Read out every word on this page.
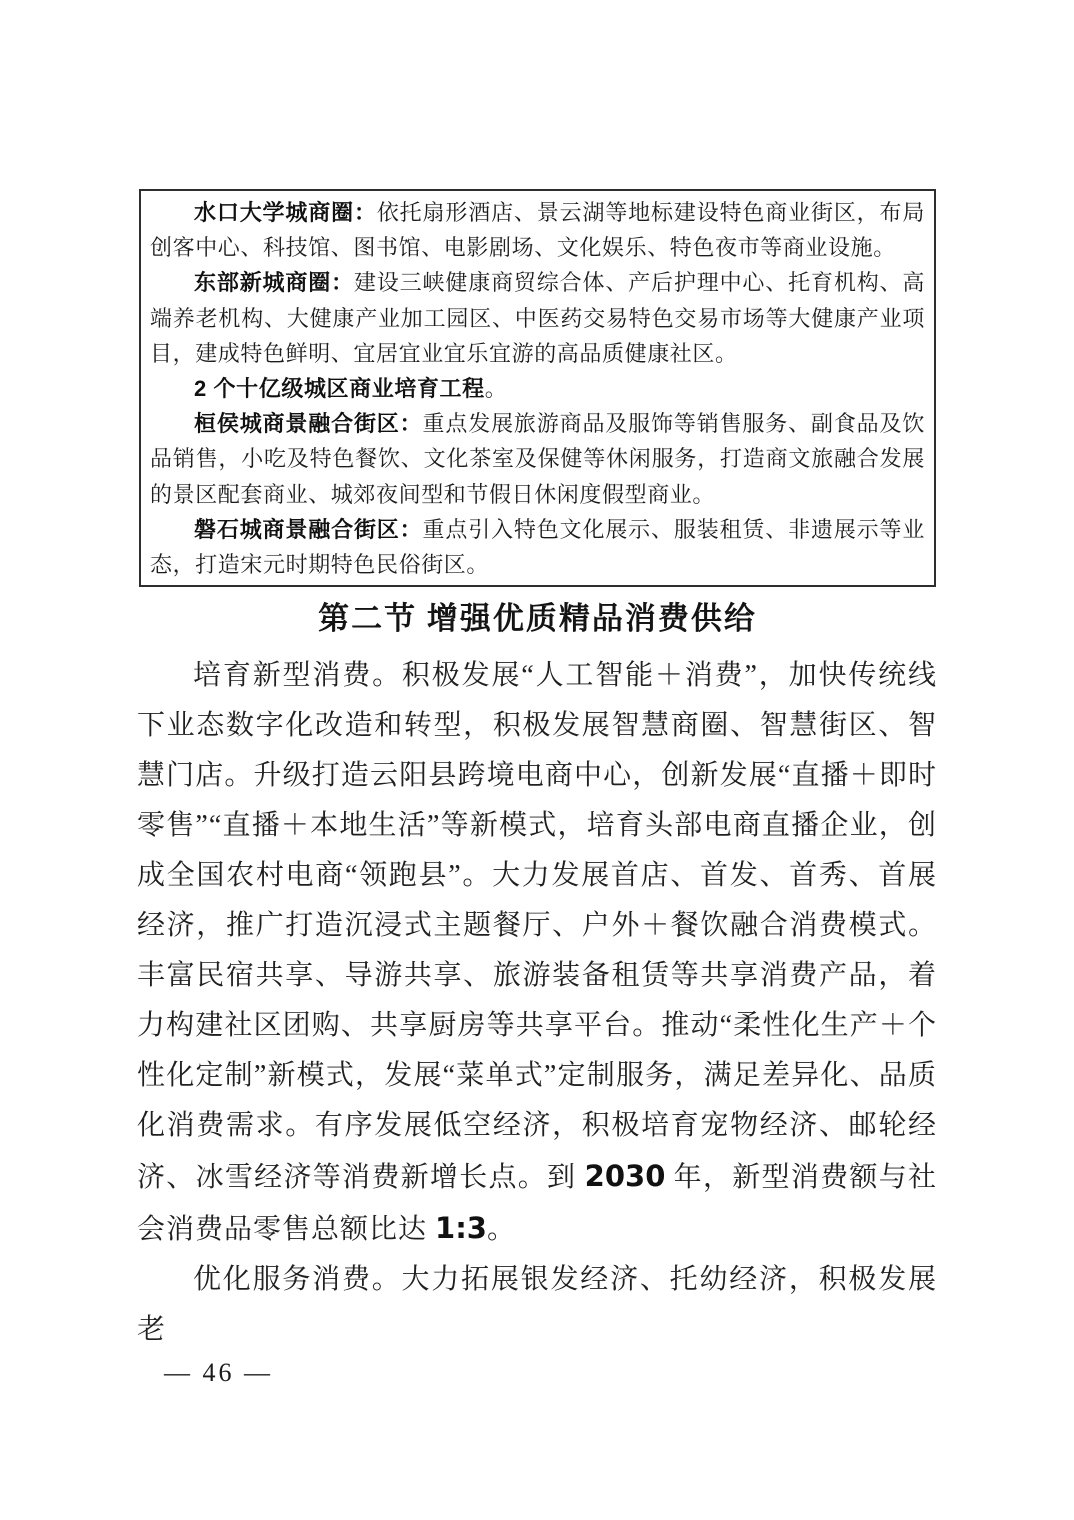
水口大学城商圈：依托扇形酒店、景云湖等地标建设特色商业街区，布局创客中心、科技馆、图书馆、电影剧场、文化娱乐、特色夜市等商业设施。

东部新城商圈：建设三峡健康商贸综合体、产后护理中心、托育机构、高端养老机构、大健康产业加工园区、中医药交易特色交易市场等大健康产业项目，建成特色鲜明、宜居宜业宜乐宜游的高品质健康社区。

2 个十亿级城区商业培育工程。

桓侯城商景融合街区：重点发展旅游商品及服饰等销售服务、副食品及饮品销售，小吃及特色餐饮、文化茶室及保健等休闲服务，打造商文旅融合发展的景区配套商业、城郊夜间型和节假日休闲度假型商业。

磐石城商景融合街区：重点引入特色文化展示、服装租赁、非遗展示等业态，打造宋元时期特色民俗街区。

第二节 增强优质精品消费供给

培育新型消费。积极发展“人工智能＋消费”，加快传统线下业态数字化改造和转型，积极发展智慧商圈、智慧街区、智慧门店。升级打造云阳县跨境电商中心，创新发展“直播＋即时零售”“直播＋本地生活”等新模式，培育头部电商直播企业，创成全国农村电商“领跑县”。大力发展首店、首发、首秀、首展经济，推广打造沉浸式主题餐厅、户外＋餐饮融合消费模式。丰富民宿共享、导游共享、旅游装备租赁等共享消费产品，着力构建社区团购、共享厨房等共享平台。推动“柔性化生产＋个性化定制”新模式，发展“菜单式”定制服务，满足差异化、品质化消费需求。有序发展低空经济，积极培育宠物经济、邮轮经济、冰雪经济等消费新增长点。到 2030 年，新型消费额与社会消费品零售总额比达 1:3。

优化服务消费。大力拓展银发经济、托幼经济，积极发展老

— 46 —
